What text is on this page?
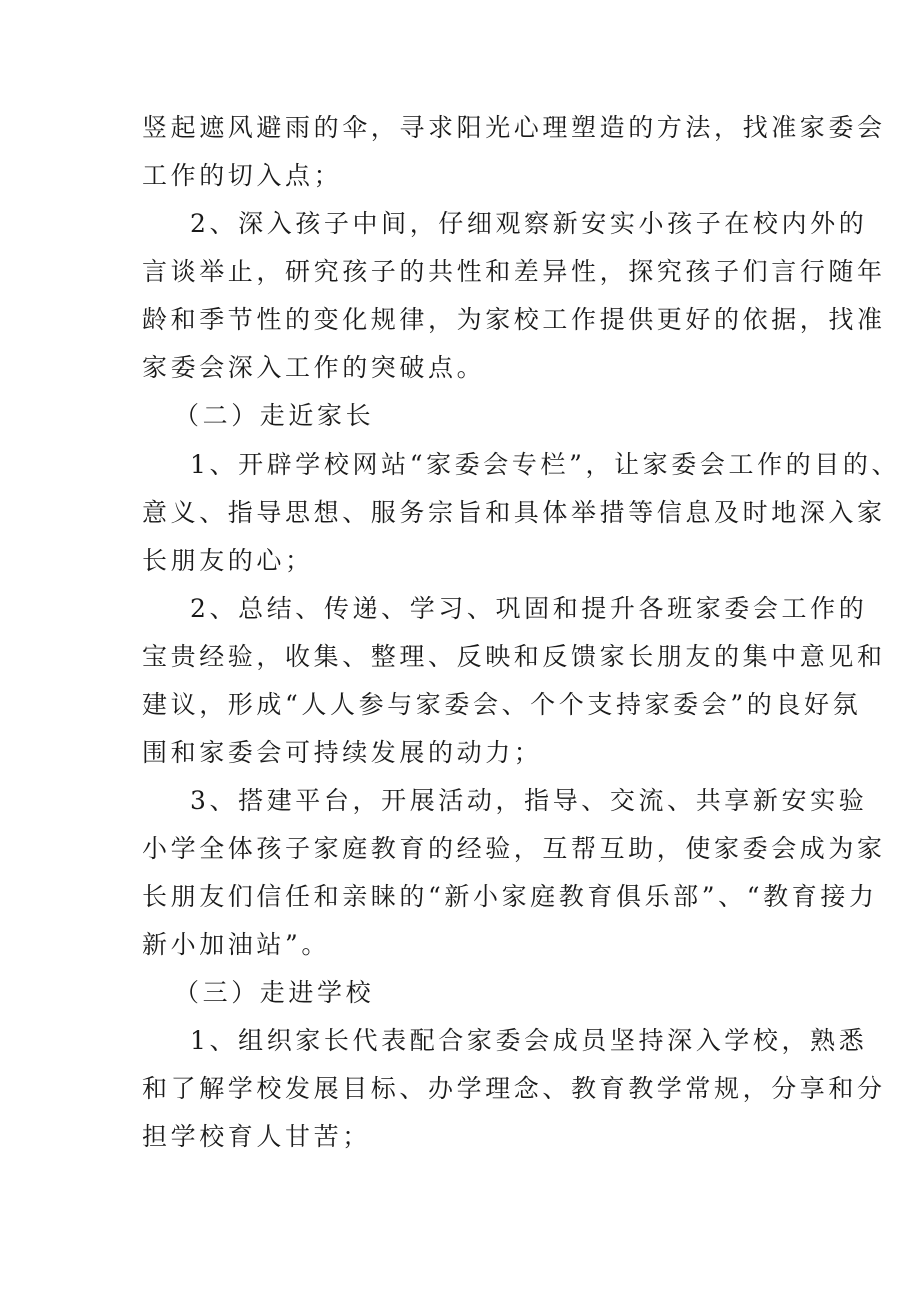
竖起遮风避雨的伞，寻求阳光心理塑造的方法，找准家委会

工作的切入点；

2、深入孩子中间，仔细观察新安实小孩子在校内外的

言谈举止，研究孩子的共性和差异性，探究孩子们言行随年

龄和季节性的变化规律，为家校工作提供更好的依据，找准

家委会深入工作的突破点。

（二）走近家长

1、开辟学校网站“家委会专栏”，让家委会工作的目的、

意义、指导思想、服务宗旨和具体举措等信息及时地深入家

长朋友的心；

2、总结、传递、学习、巩固和提升各班家委会工作的

宝贵经验，收集、整理、反映和反馈家长朋友的集中意见和

建议，形成“人人参与家委会、个个支持家委会”的良好氛

围和家委会可持续发展的动力；

3、搭建平台，开展活动，指导、交流、共享新安实验

小学全体孩子家庭教育的经验，互帮互助，使家委会成为家

长朋友们信任和亲睐的“新小家庭教育俱乐部”、“教育接力

新小加油站”。

（三）走进学校

1、组织家长代表配合家委会成员坚持深入学校，熟悉

和了解学校发展目标、办学理念、教育教学常规，分享和分

担学校育人甘苦；
